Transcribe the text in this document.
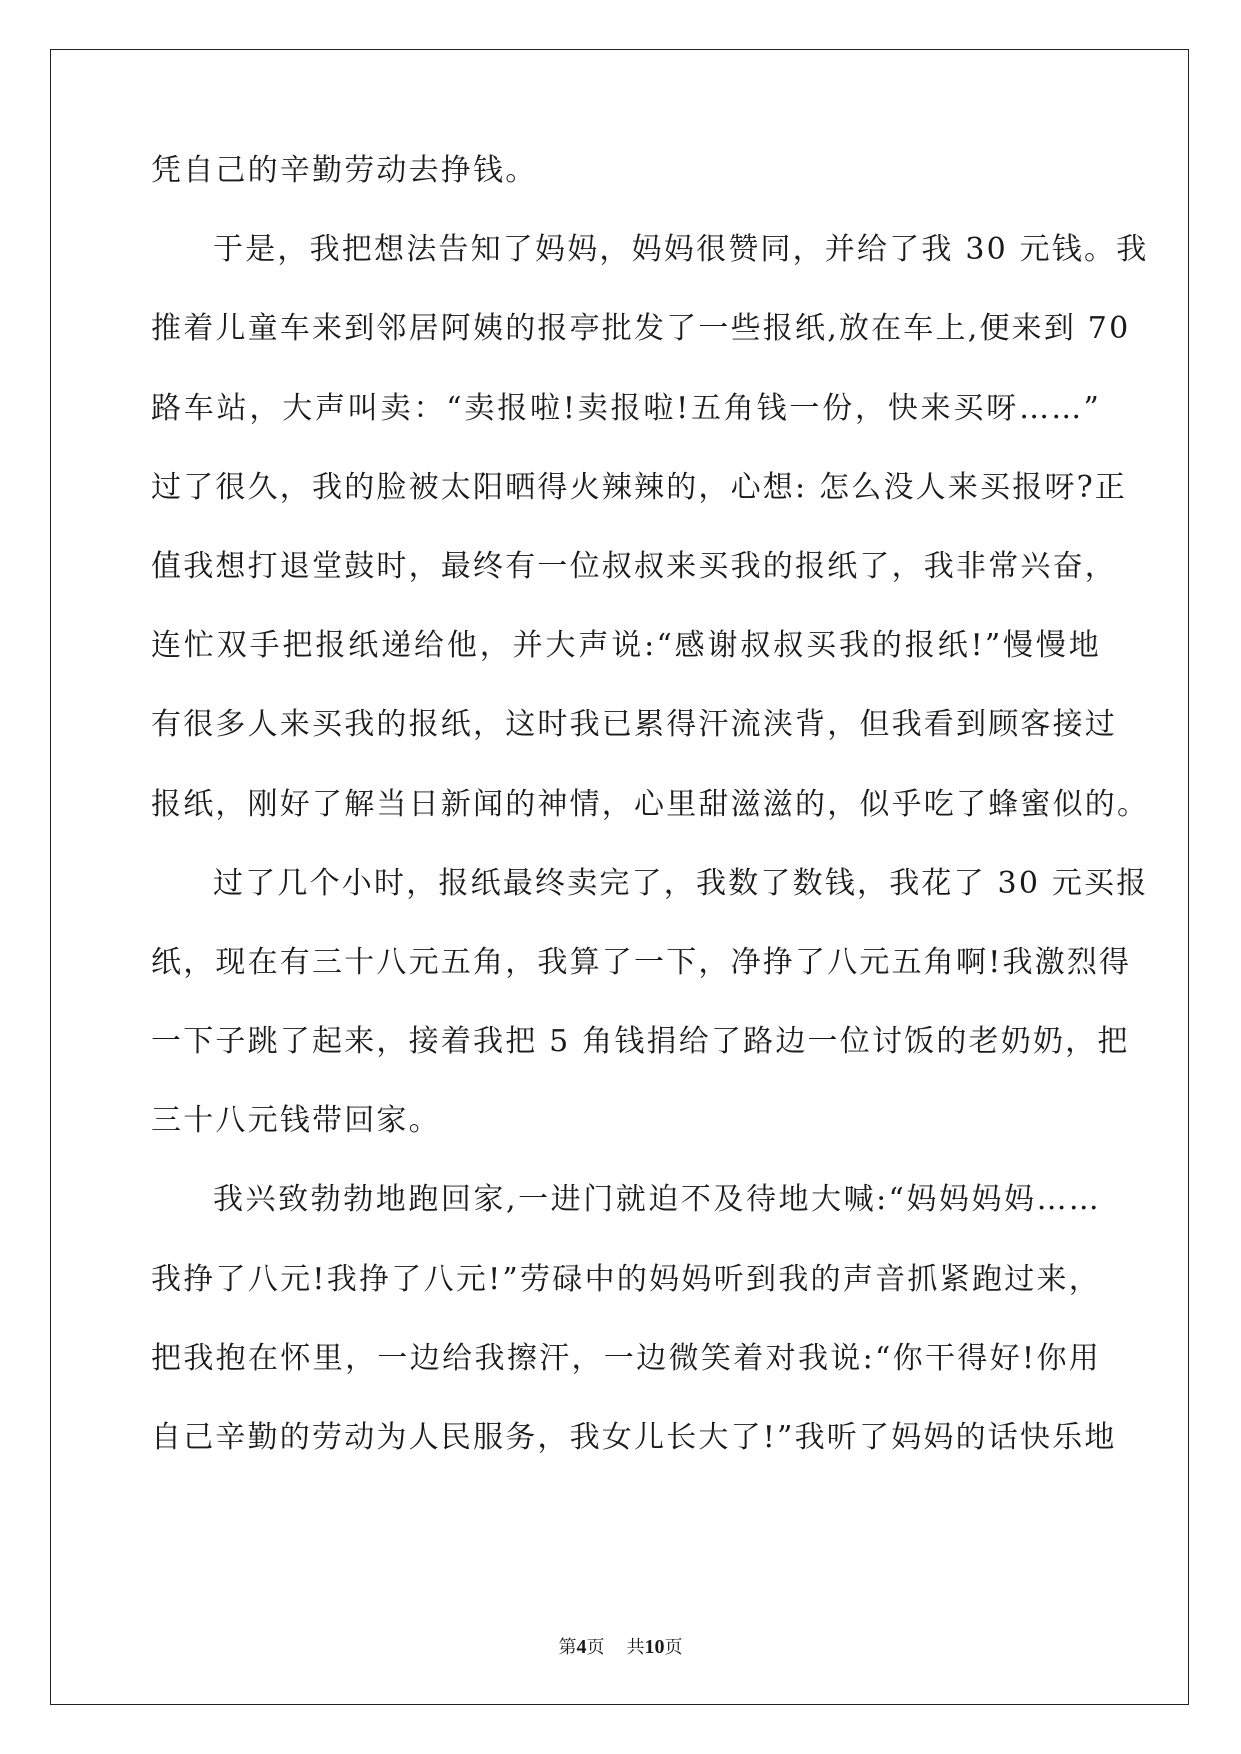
凭自己的辛勤劳动去挣钱。
于是，我把想法告知了妈妈，妈妈很赞同，并给了我 30 元钱。我
推着儿童车来到邻居阿姨的报亭批发了一些报纸,放在车上,便来到 70
路车站，大声叫卖：“卖报啦!卖报啦!五角钱一份，快来买呀……”
过了很久，我的脸被太阳晒得火辣辣的，心想: 怎么没人来买报呀?正
值我想打退堂鼓时，最终有一位叔叔来买我的报纸了，我非常兴奋，
连忙双手把报纸递给他，并大声说:“感谢叔叔买我的报纸!”慢慢地
有很多人来买我的报纸，这时我已累得汗流浃背，但我看到顾客接过
报纸，刚好了解当日新闻的神情，心里甜滋滋的，似乎吃了蜂蜜似的。
过了几个小时，报纸最终卖完了，我数了数钱，我花了 30 元买报
纸，现在有三十八元五角，我算了一下，净挣了八元五角啊!我激烈得
一下子跳了起来，接着我把 5 角钱捐给了路边一位讨饭的老奶奶，把
三十八元钱带回家。
我兴致勃勃地跑回家,一进门就迫不及待地大喊:“妈妈妈妈……
我挣了八元!我挣了八元!”劳碌中的妈妈听到我的声音抓紧跑过来，
把我抱在怀里，一边给我擦汗，一边微笑着对我说:“你干得好!你用
自己辛勤的劳动为人民服务，我女儿长大了!”我听了妈妈的话快乐地
第4页 共10页
